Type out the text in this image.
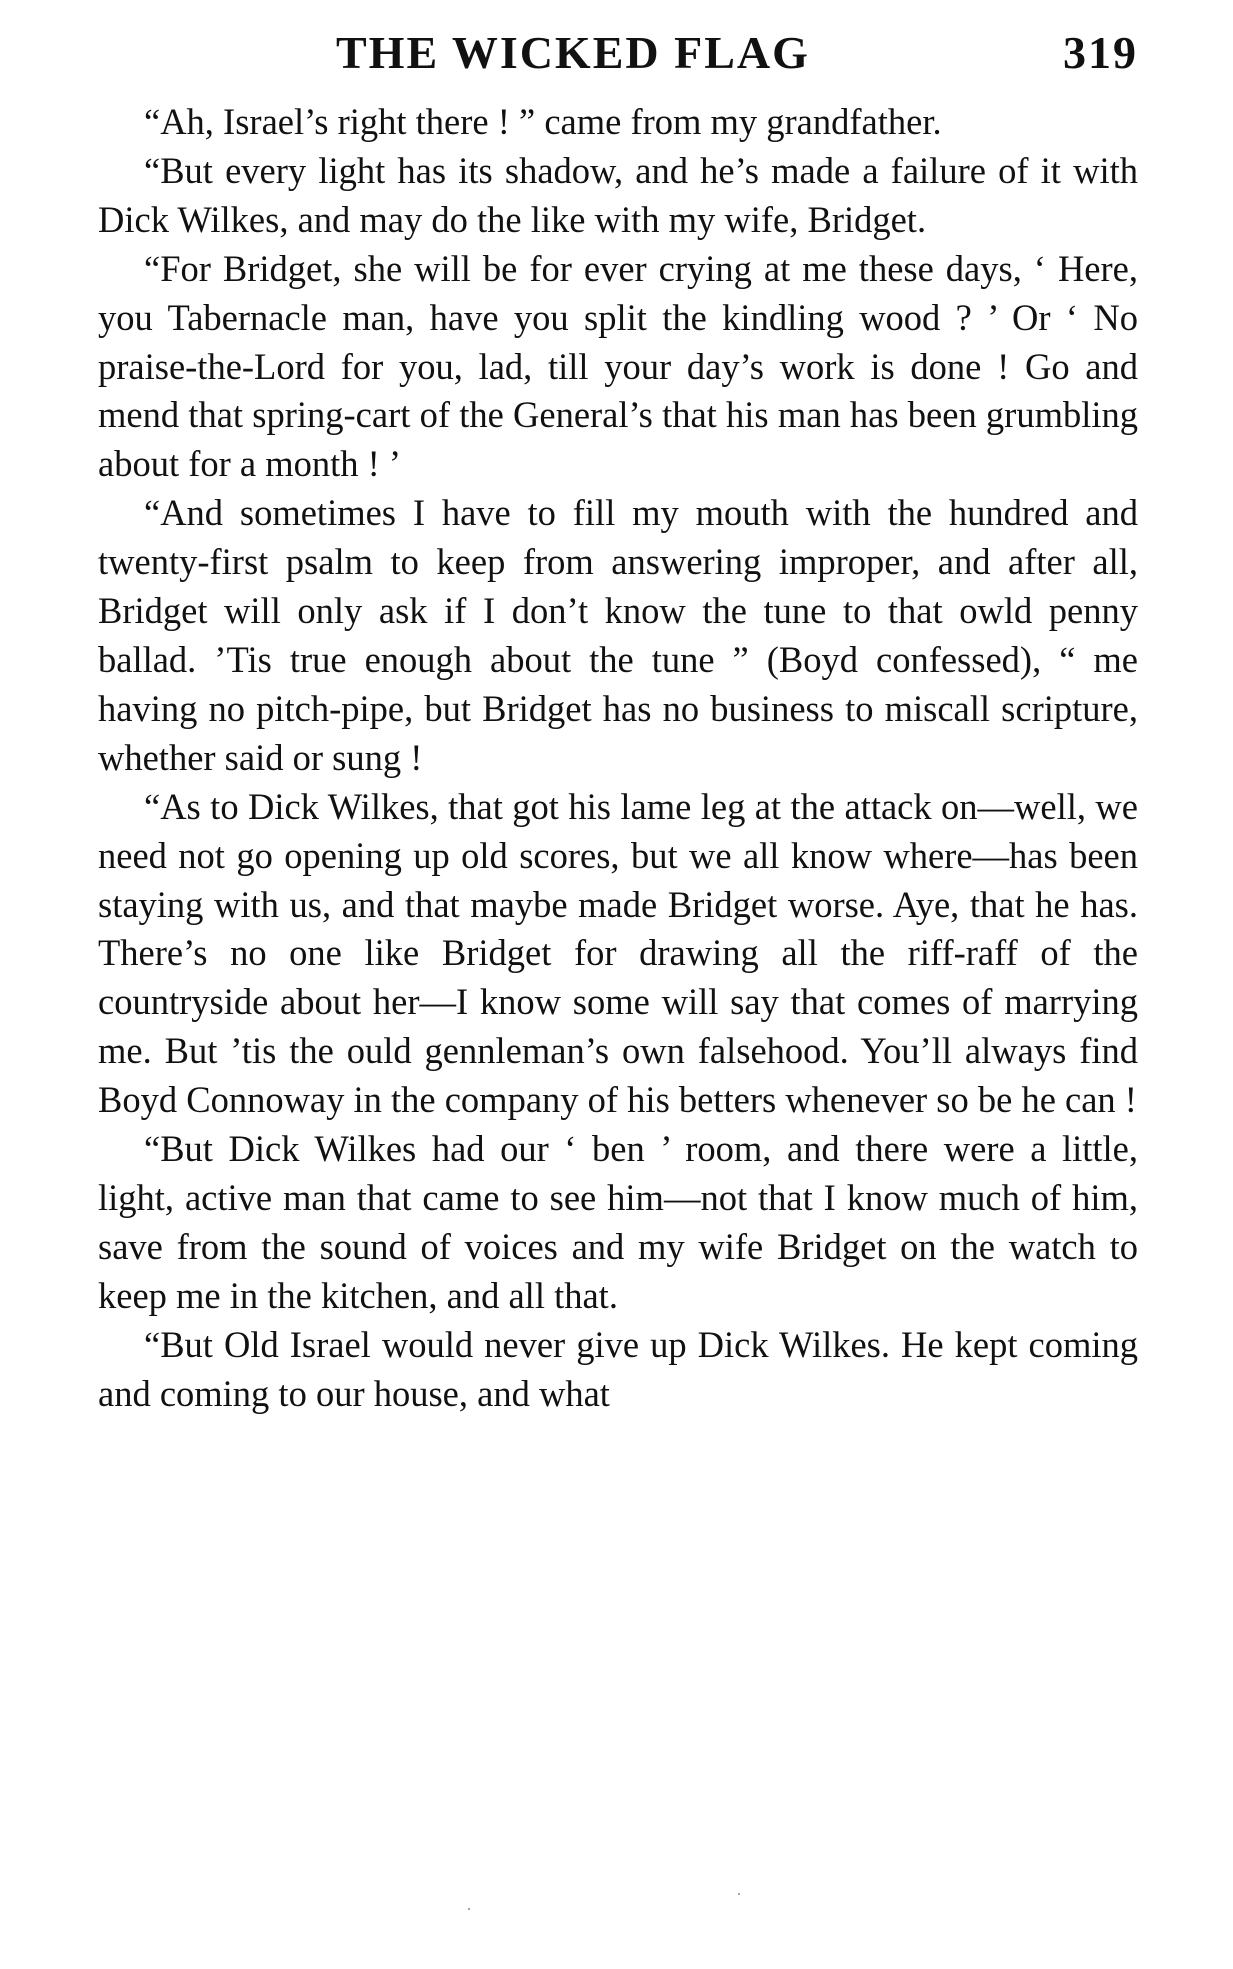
THE WICKED FLAG	319

“Ah, Israel’s right there ! ” came from my grandfather.

“But every light has its shadow, and he’s made a failure of it with Dick Wilkes, and may do the like with my wife, Bridget.

“For Bridget, she will be for ever crying at me these days, ‘ Here, you Tabernacle man, have you split the kindling wood ? ’ Or ‘ No praise-the-Lord for you, lad, till your day’s work is done ! Go and mend that spring-cart of the General’s that his man has been grumbling about for a month ! ’

“And sometimes I have to fill my mouth with the hundred and twenty-first psalm to keep from answering improper, and after all, Bridget will only ask if I don’t know the tune to that owld penny ballad. ’Tis true enough about the tune ” (Boyd confessed), “ me having no pitch-pipe, but Bridget has no business to miscall scripture, whether said or sung !

“As to Dick Wilkes, that got his lame leg at the attack on—well, we need not go opening up old scores, but we all know where—has been staying with us, and that maybe made Bridget worse. Aye, that he has. There’s no one like Bridget for drawing all the riff-raff of the countryside about her—I know some will say that comes of marrying me. But ’tis the ould gennleman’s own falsehood. You’ll always find Boyd Connoway in the company of his betters whenever so be he can !

“But Dick Wilkes had our ‘ ben ’ room, and there were a little, light, active man that came to see him—not that I know much of him, save from the sound of voices and my wife Bridget on the watch to keep me in the kitchen, and all that.

“But Old Israel would never give up Dick Wilkes. He kept coming and coming to our house, and what
